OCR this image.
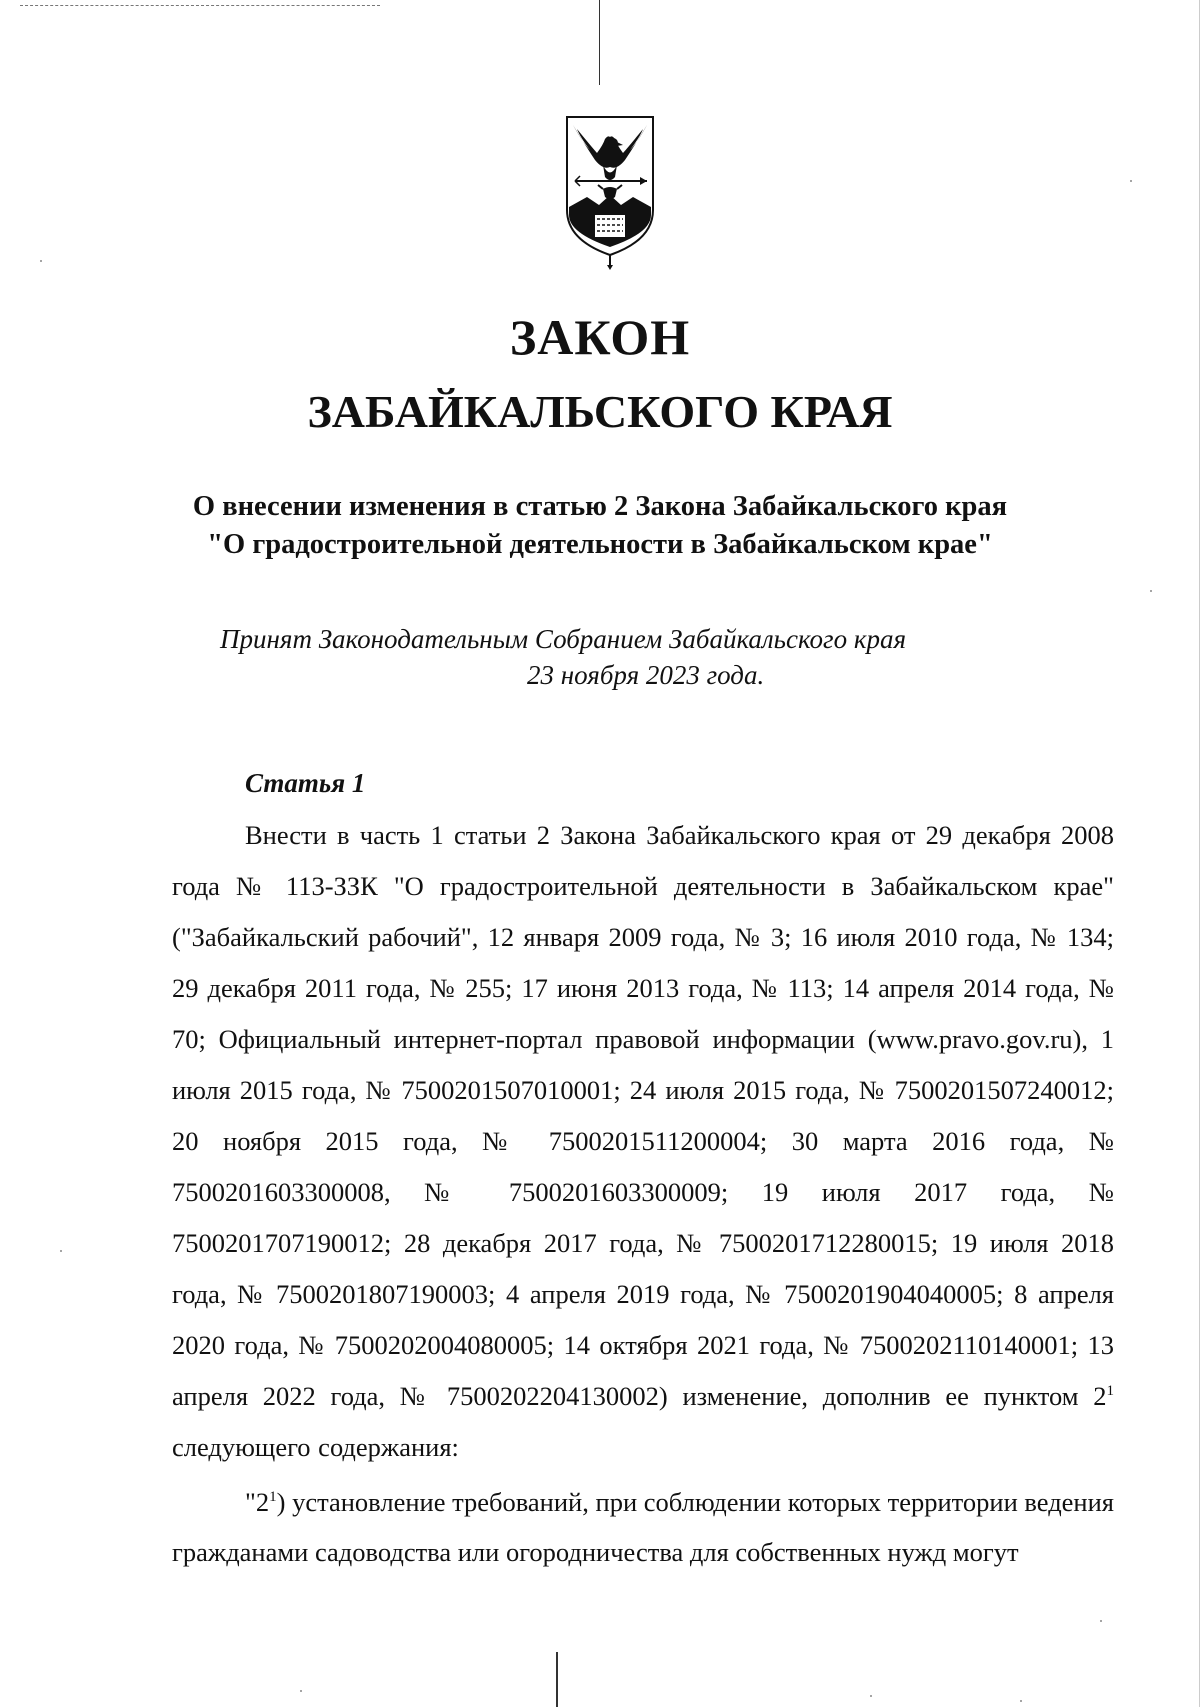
ЗАКОН
ЗАБАЙКАЛЬСКОГО КРАЯ
О внесении изменения в статью 2 Закона Забайкальского края
"О градостроительной деятельности в Забайкальском крае"

Принят Законодательным Собранием Забайкальского края

23 ноября 2023 года.

Статья 1

Внести в часть 1 статьи 2 Закона Забайкальского края от 29 декабря 2008 года № 113-ЗЗК "О градостроительной деятельности в Забайкальском крае" ("Забайкальский рабочий", 12 января 2009 года, № 3; 16 июля 2010 года, № 134; 29 декабря 2011 года, № 255; 17 июня 2013 года, № 113; 14 апреля 2014 года, № 70; Официальный интернет-портал правовой информации (www.pravo.gov.ru), 1 июля 2015 года, № 7500201507010001; 24 июля 2015 года, № 7500201507240012; 20 ноября 2015 года, № 7500201511200004; 30 марта 2016 года, № 7500201603300008, № 7500201603300009; 19 июля 2017 года, № 7500201707190012; 28 декабря 2017 года, № 7500201712280015; 19 июля 2018 года, № 7500201807190003; 4 апреля 2019 года, № 7500201904040005; 8 апреля 2020 года, № 7500202004080005; 14 октября 2021 года, № 7500202110140001; 13 апреля 2022 года, № 7500202204130002) изменение, дополнив ее пунктом $2^1$ следующего содержания:

"$2^1$) установление требований, при соблюдении которых территории ведения гражданами садоводства или огородничества для собственных нужд могут
